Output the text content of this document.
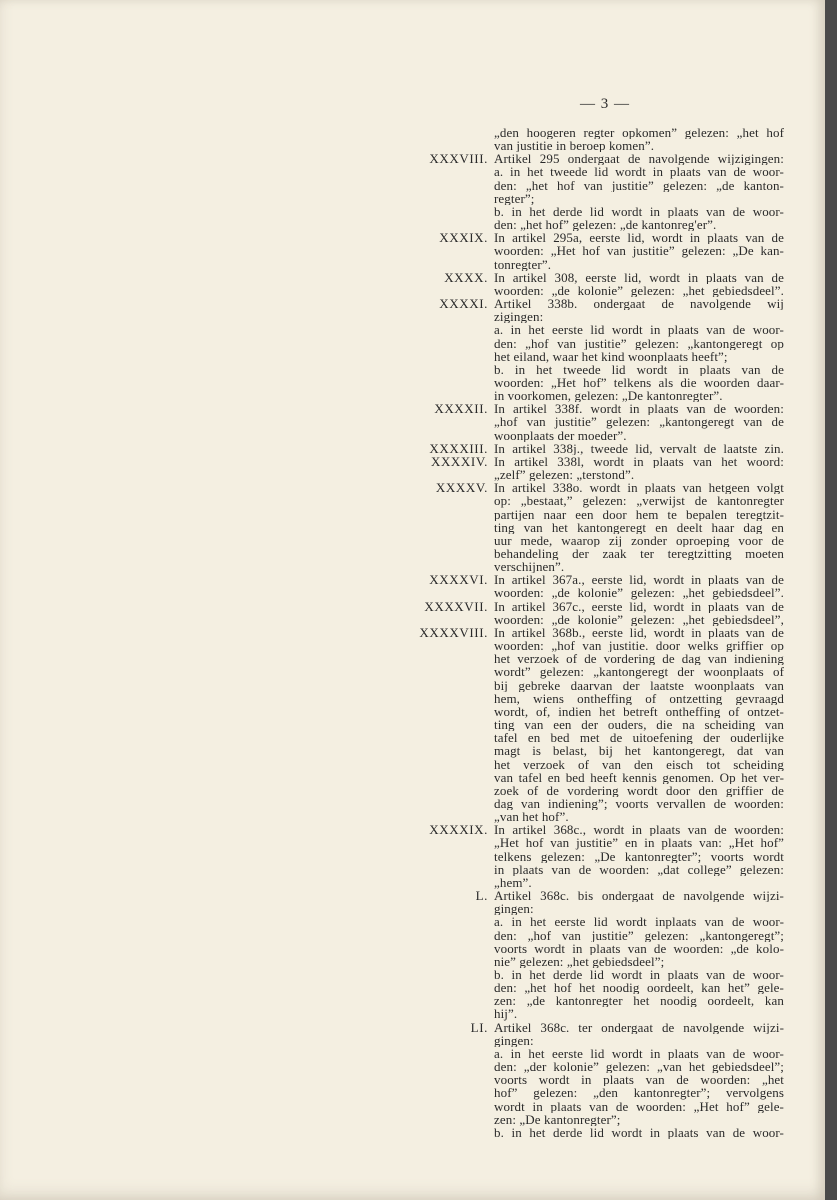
— 3 —
„den hoogeren regter opkomen” gelezen: „het hof
van justitie in beroep komen”.
XXXVIII. Artikel 295 ondergaat de navolgende wijzigingen:
a. in het tweede lid wordt in plaats van de woor-
den: „het hof van justitie” gelezen: „de kanton-
regter”;
b. in het derde lid wordt in plaats van de woor-
den: „het hof” gelezen: „de kantonreg'er”.
XXXIX. In artikel 295a, eerste lid, wordt in plaats van de
woorden: „Het hof van justitie” gelezen: „De kan-
tonregter”.
XXXX. In artikel 308, eerste lid, wordt in plaats van de
woorden: „de kolonie” gelezen: „het gebiedsdeel”.
XXXXI. Artikel 338b. ondergaat de navolgende wij
zigingen:
a. in het eerste lid wordt in plaats van de woor-
den: „hof van justitie” gelezen: „kantongeregt op
het eiland, waar het kind woonplaats heeft”;
b. in het tweede lid wordt in plaats van de
woorden: „Het hof” telkens als die woorden daar-
in voorkomen, gelezen: „De kantonregter”.
XXXXII. In artikel 338f. wordt in plaats van de woorden:
„hof van justitie” gelezen: „kantongeregt van de
woonplaats der moeder”.
XXXXIII. In artikel 338j., tweede lid, vervalt de laatste zin.
XXXXIV. In artikel 338l, wordt in plaats van het woord:
„zelf” gelezen: „terstond”.
XXXXV. In artikel 338o. wordt in plaats van hetgeen volgt
op: „bestaat,” gelezen: „verwijst de kantonregter
partijen naar een door hem te bepalen teregtzit-
ting van het kantongeregt en deelt haar dag en
uur mede, waarop zij zonder oproeping voor de
behandeling der zaak ter teregtzitting moeten
verschijnen”.
XXXXVI. In artikel 367a., eerste lid, wordt in plaats van de
woorden: „de kolonie” gelezen: „het gebiedsdeel”.
XXXXVII. In artikel 367c., eerste lid, wordt in plaats van de
woorden: „de kolonie” gelezen: „het gebiedsdeel”,
XXXXVIII. In artikel 368b., eerste lid, wordt in plaats van de
woorden: „hof van justitie. door welks griffier op
het verzoek of de vordering de dag van indiening
wordt” gelezen: „kantongeregt der woonplaats of
bij gebreke daarvan der laatste woonplaats van
hem, wiens ontheffing of ontzetting gevraagd
wordt, of, indien het betreft ontheffing of ontzet-
ting van een der ouders, die na scheiding van
tafel en bed met de uitoefening der ouderlijke
magt is belast, bij het kantongeregt, dat van
het verzoek of van den eisch tot scheiding
van tafel en bed heeft kennis genomen. Op het ver-
zoek of de vordering wordt door den griffier de
dag van indiening”; voorts vervallen de woorden:
„van het hof”.
XXXXIX. In artikel 368c., wordt in plaats van de woorden:
„Het hof van justitie” en in plaats van: „Het hof”
telkens gelezen: „De kantonregter”; voorts wordt
in plaats van de woorden: „dat college” gelezen:
„hem”.
L. Artikel 368c. bis ondergaat de navolgende wijzi-
gingen:
a. in het eerste lid wordt inplaats van de woor-
den: „hof van justitie” gelezen: „kantongeregt”;
voorts wordt in plaats van de woorden: „de kolo-
nie” gelezen: „het gebiedsdeel”;
b. in het derde lid wordt in plaats van de woor-
den: „het hof het noodig oordeelt, kan het” gele-
zen: „de kantonregter het noodig oordeelt, kan
hij”.
LI. Artikel 368c. ter ondergaat de navolgende wijzi-
gingen:
a. in het eerste lid wordt in plaats van de woor-
den: „der kolonie” gelezen: „van het gebiedsdeel”;
voorts wordt in plaats van de woorden: „het
hof” gelezen: „den kantonregter”; vervolgens
wordt in plaats van de woorden: „Het hof” gele-
zen: „De kantonregter”;
b. in het derde lid wordt in plaats van de woor-
